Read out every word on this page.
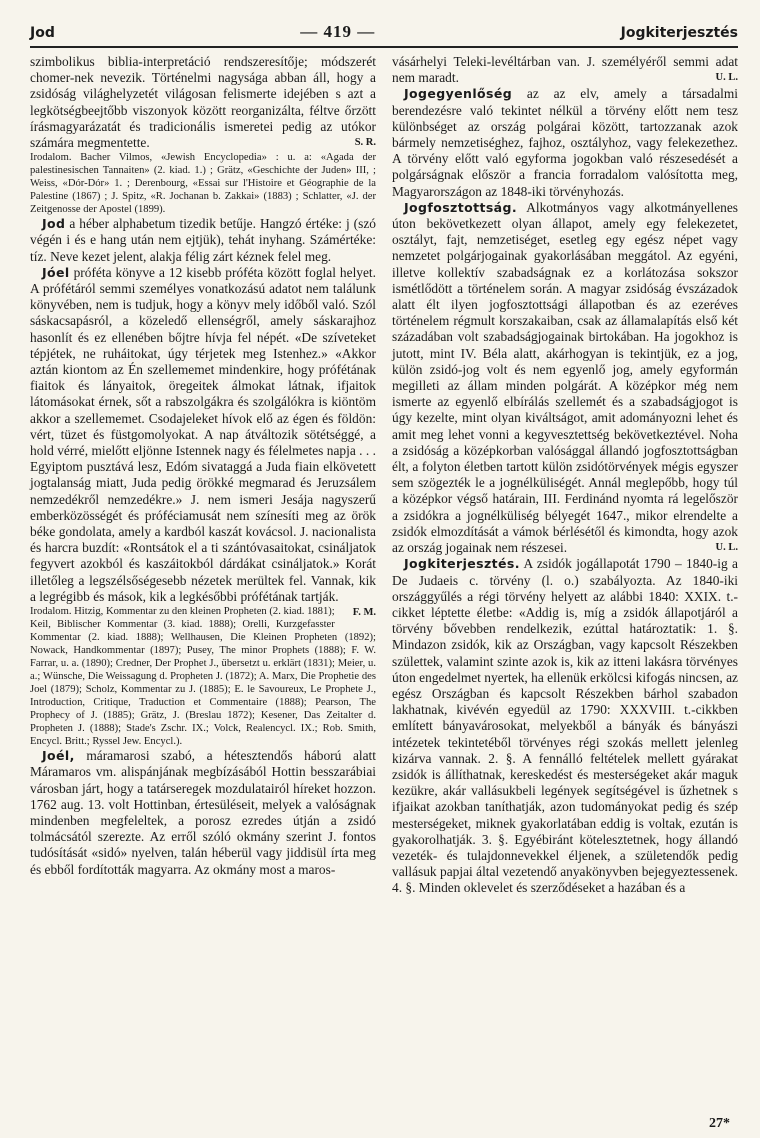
Jod	— 419 —	Jogkiterjesztés

szimbolikus biblia-interpretáció rendszeresítője; módszerét chomer-nek nevezik. Történelmi nagysága abban áll, hogy a zsidóság világhelyzetét világosan felismerte idejében s azt a legkötségbeejtőbb viszonyok között reorganizálta, féltve őrzött írásmagyarázatát és tradicionális ismeretei pedig az utókor számára megmentette.	S. R.

Irodalom. Bacher Vilmos, «Jewish Encyclopedia» : u. a: «Agada der palestinesischen Tannaiten» (2. kiad. 1.) ; Grätz, «Geschichte der Juden» III, ; Weiss, «Dór-Dór» 1. ; Derenbourg, «Essai sur l'Histoire et Géographie de la Palestine (1867) ; J. Spitz, «R. Jochanan b. Zakkai» (1883) ; Schlatter, «J. der Zeitgenosse der Apostel (1899).

Jod a héber alphabetum tizedik betűje. Hangzó értéke: j (szó végén i és e hang után nem ejtjük), tehát inyhang. Számértéke: tíz. Neve kezet jelent, alakja félig zárt kéznek felel meg.

Jóel próféta könyve a 12 kisebb próféta között foglal helyet. A prófétáról semmi személyes vonatkozású adatot nem találunk könyvében, nem is tudjuk, hogy a könyv mely időből való. Szól sáskacsapásról, a közeledő ellenségről, amely sáskarajhoz hasonlít és ez ellenében bőjtre hívja fel népét. «De szíveteket tépjétek, ne ruháitokat, úgy térjetek meg Istenhez.» «Akkor aztán kiontom az Én szellememet mindenkire, hogy prófétának fiaitok és lányaitok, öregeitek álmokat látnak, ifjaitok látomásokat érnek, sőt a rabszolgákra és szolgálókra is kiöntöm akkor a szellememet. Csodajeleket hívok elő az égen és földön: vért, tüzet és füstgomolyokat. A nap átváltozik sötétséggé, a hold vérré, mielőtt eljönne Istennek nagy és félelmetes napja . . . Egyiptom pusztává lesz, Edóm sivataggá a Juda fiain elkövetett jogtalanság miatt, Juda pedig örökké megmarad és Jeruzsálem nemzedékről nemzedékre.» J. nem ismeri Jesája nagyszerű emberközösségét és próféciamusát nem színesíti meg az örök béke gondolata, amely a kardból kaszát kovácsol. J. nacionalista és harcra buzdít: «Rontsátok el a ti szántóvasaitokat, csináljatok fegyvert azokból és kaszáitokból dárdákat csináljatok.» Korát illetőleg a legszélsőségesebb nézetek merültek fel. Vannak, kik a legrégibb és mások, kik a legkésőbbi prófétának tartják.
F. M.

Irodalom. Hitzig, Kommentar zu den kleinen Propheten (2. kiad. 1881); Keil, Biblischer Kommentar (3. kiad. 1888); Orelli, Kurzgefasster Kommentar (2. kiad. 1888); Wellhausen, Die Kleinen Propheten (1892); Nowack, Handkommentar (1897); Pusey, The minor Prophets (1888); F. W. Farrar, u. a. (1890); Credner, Der Prophet J., übersetzt u. erklärt (1831); Meier, u. a.; Wünsche, Die Weissagung d. Propheten J. (1872); A. Marx, Die Prophetie des Joel (1879); Scholz, Kommentar zu J. (1885); E. le Savoureux, Le Prophete J., Introduction, Critique, Traduction et Commentaire (1888); Pearson, The Prophecy of J. (1885); Grätz, J. (Breslau 1872); Kesener, Das Zeitalter d. Propheten J. (1888); Stade's Zschr. IX.; Volck, Realencycl. IX.; Rob. Smith, Encycl. Britt.; Ryssel Jew. Encycl.).

Joél, máramarosi szabó, a hétesztendős háború alatt Máramaros vm. alispánjának megbízásából Hottin besszarábiai városban járt, hogy a tatárseregek mozdulatairól híreket hozzon. 1762 aug. 13. volt Hottinban, értesüléseit, melyek a valóságnak mindenben megfeleltek, a porosz ezredes útján a zsidó tolmácsától szerezte. Az erről szóló okmány szerint J. fontos tudósítását «sidó» nyelven, talán héberül vagy jiddisül írta meg és ebből fordították magyarra. Az okmány most a maros-

vásárhelyi Teleki-levéltárban van. J. személyéről semmi adat nem maradt.	U. L.

Jogegyenlőség az az elv, amely a társadalmi berendezésre való tekintet nélkül a törvény előtt nem tesz különbséget az ország polgárai között, tartozzanak azok bármely nemzetiséghez, fajhoz, osztályhoz, vagy felekezethez. A törvény előtt való egyforma jogokban való részesedését a polgárságnak először a francia forradalom valósította meg, Magyarországon az 1848-iki törvényhozás.

Jogfosztottság. Alkotmányos vagy alkotmányellenes úton bekövetkezett olyan állapot, amely egy felekezetet, osztályt, fajt, nemzetiséget, esetleg egy egész népet vagy nemzetet polgárjogainak gyakorlásában meggátol. Az egyéni, illetve kollektív szabadságnak ez a korlátozása sokszor ismétlődött a történelem során. A magyar zsidóság évszázadok alatt élt ilyen jogfosztottsági állapotban és az ezeréves történelem régmult korszakaiban, csak az államalapítás első két századában volt szabadságjogainak birtokában. Ha jogokhoz is jutott, mint IV. Béla alatt, akárhogyan is tekintjük, ez a jog, külön zsidó-jog volt és nem egyenlő jog, amely egyformán megilleti az állam minden polgárát. A középkor még nem ismerte az egyenlő elbírálás szellemét és a szabadságjogot is úgy kezelte, mint olyan kiváltságot, amit adományozni lehet és amit meg lehet vonni a kegyvesztettség bekövetkeztével. Noha a zsidóság a középkorban valósággal állandó jogfosztottságban élt, a folyton életben tartott külön zsidótörvények mégis egyszer sem szögezték le a jognélküliségét. Annál meglepőbb, hogy túl a középkor végső határain, III. Ferdinánd nyomta rá legelőször a zsidókra a jognélküliség bélyegét 1647., mikor elrendelte a zsidók elmozdítását a vámok bérlésétől és kimondta, hogy azok az ország jogainak nem részesei.	U. L.

Jogkiterjesztés. A zsidók jogállapotát 1790 – 1840-ig a De Judaeis c. törvény (l. o.) szabályozta. Az 1840-iki országgyűlés a régi törvény helyett az alábbi 1840: XXIX. t.-cikket léptette életbe: «Addig is, míg a zsidók állapotjáról a törvény bővebben rendelkezik, ezúttal határoztatik: 1. §. Mindazon zsidók, kik az Országban, vagy kapcsolt Részekben születtek, valamint szinte azok is, kik az itteni lakásra törvényes úton engedelmet nyertek, ha ellenük erkölcsi kifogás nincsen, az egész Országban és kapcsolt Részekben bárhol szabadon lakhatnak, kivévén egyedül az 1790: XXXVIII. t.-cikkben említett bányavárosokat, melyekből a bányák és bányászi intézetek tekintetéből törvényes régi szokás mellett jelenleg kizárva vannak. 2. §. A fennálló feltételek mellett gyárakat zsidók is állíthatnak, kereskedést és mesterségeket akár maguk kezükre, akár vallásukbeli legények segítségével is űzhetnek s ifjaikat azokban taníthatják, azon tudományokat pedig és szép mesterségeket, miknek gyakorlatában eddig is voltak, ezután is gyakorolhatják. 3. §. Egyébiránt kötelesztetnek, hogy állandó vezeték- és tulajdonnevekkel éljenek, a születendők pedig vallásuk papjai által vezetendő anyakönyvben bejegyeztessenek. 4. §. Minden oklevelet és szerződéseket a hazában és a

27*
